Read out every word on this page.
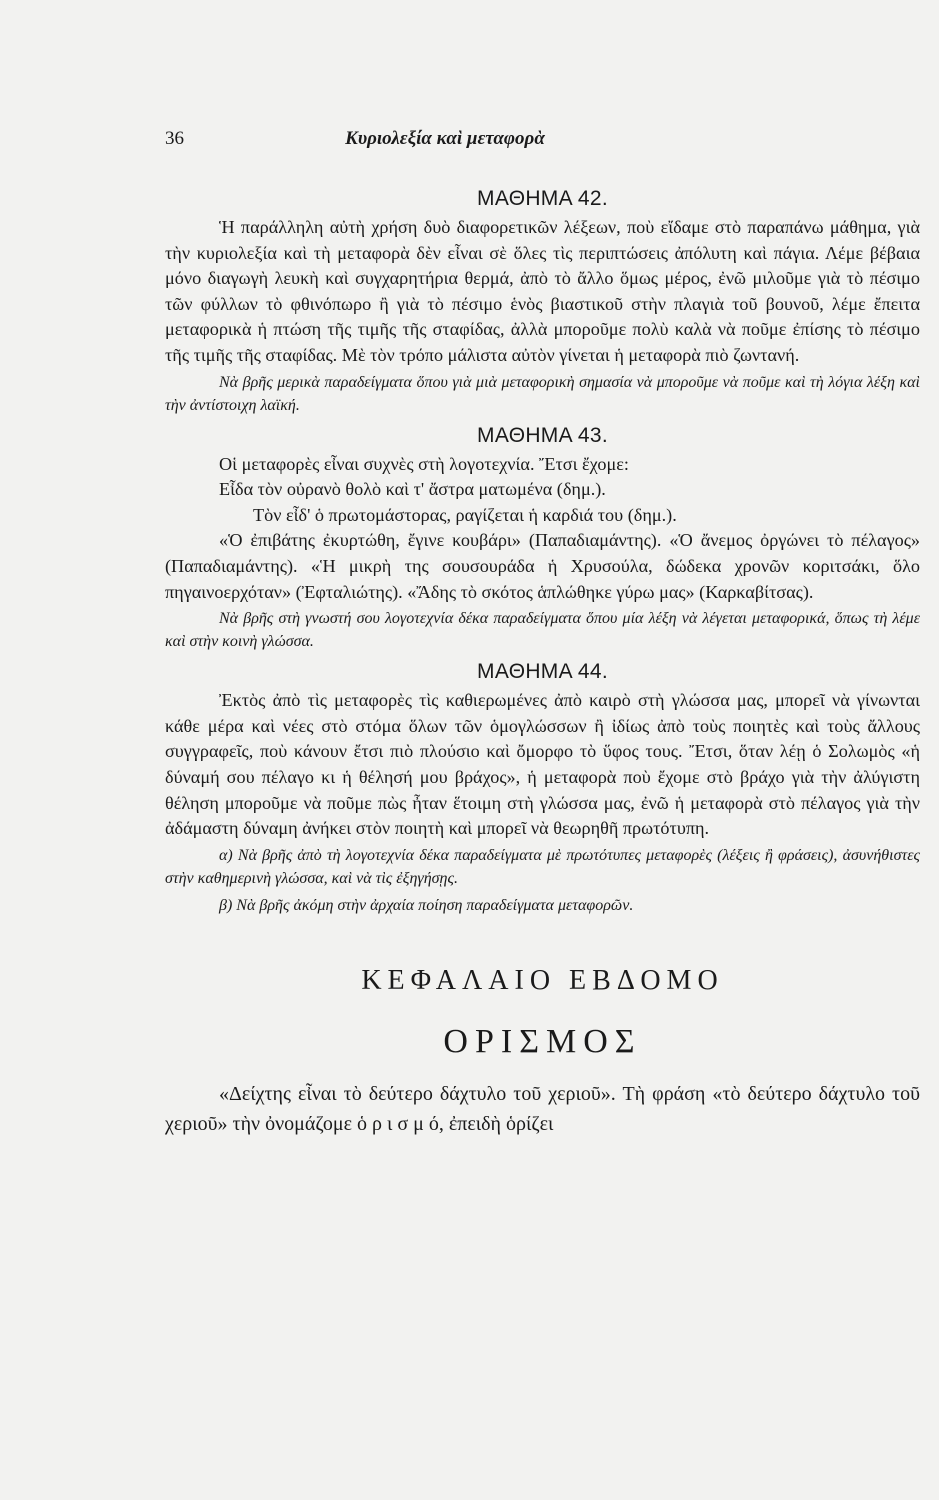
36	Κυριολεξία καὶ μεταφορὰ
ΜΑΘΗΜΑ 42.

Ἡ παράλληλη αὐτὴ χρήση δυὸ διαφορετικῶν λέξεων, ποὺ εἴδαμε στὸ παραπάνω μάθημα, γιὰ τὴν κυριολεξία καὶ τὴ μεταφορὰ δὲν εἶναι σὲ ὅλες τὶς περιπτώσεις ἀπόλυτη καὶ πάγια. Λέμε βέβαια μόνο διαγωγὴ λευκὴ καὶ συγχαρητήρια θερμά, ἀπὸ τὸ ἄλλο ὅμως μέρος, ἐνῶ μιλοῦμε γιὰ τὸ πέσιμο τῶν φύλλων τὸ φθινόπωρο ἢ γιὰ τὸ πέσιμο ἑνὸς βιαστικοῦ στὴν πλαγιὰ τοῦ βουνοῦ, λέμε ἔπειτα μεταφορικὰ ἡ πτώση τῆς τιμῆς τῆς σταφίδας, ἀλλὰ μποροῦμε πολὺ καλὰ νὰ ποῦμε ἐπίσης τὸ πέσιμο τῆς τιμῆς τῆς σταφίδας. Μὲ τὸν τρόπο μάλιστα αὐτὸν γίνεται ἡ μεταφορὰ πιὸ ζωντανή.

Νὰ βρῆς μερικὰ παραδείγματα ὅπου γιὰ μιὰ μεταφορικὴ σημασία νὰ μποροῦμε νὰ ποῦμε καὶ τὴ λόγια λέξη καὶ τὴν ἀντίστοιχη λαϊκή.

ΜΑΘΗΜΑ 43.

Οἱ μεταφορὲς εἶναι συχνὲς στὴ λογοτεχνία. Ἔτσι ἔχομε:

Εἶδα τὸν οὐρανὸ θολὸ καὶ τ' ἄστρα ματωμένα (δημ.).

Τὸν εἶδ' ὁ πρωτομάστορας, ραγίζεται ἡ καρδιά του (δημ.).

«Ὁ ἐπιβάτης ἐκυρτώθη, ἔγινε κουβάρι» (Παπαδιαμάντης). «Ὁ ἄνεμος ὀργώνει τὸ πέλαγος» (Παπαδιαμάντης). «Ἡ μικρὴ της σουσουράδα ἡ Χρυσούλα, δώδεκα χρονῶν κοριτσάκι, ὅλο πηγαινοερχόταν» (Ἐφταλιώτης). «Ἄδης τὸ σκότος ἁπλώθηκε γύρω μας» (Καρκαβίτσας).

Νὰ βρῆς στὴ γνωστή σου λογοτεχνία δέκα παραδείγματα ὅπου μία λέξη νὰ λέγεται μεταφορικά, ὅπως τὴ λέμε καὶ στὴν κοινὴ γλώσσα.

ΜΑΘΗΜΑ 44.

Ἐκτὸς ἀπὸ τὶς μεταφορὲς τὶς καθιερωμένες ἀπὸ καιρὸ στὴ γλώσσα μας, μπορεῖ νὰ γίνωνται κάθε μέρα καὶ νέες στὸ στόμα ὅλων τῶν ὁμογλώσσων ἢ ἰδίως ἀπὸ τοὺς ποιητὲς καὶ τοὺς ἄλλους συγγραφεῖς, ποὺ κάνουν ἔτσι πιὸ πλούσιο καὶ ὄμορφο τὸ ὕφος τους. Ἔτσι, ὅταν λέῃ ὁ Σολωμὸς «ἡ δύναμή σου πέλαγο κι ἡ θέλησή μου βράχος», ἡ μεταφορὰ ποὺ ἔχομε στὸ βράχο γιὰ τὴν ἀλύγιστη θέληση μποροῦμε νὰ ποῦμε πὼς ἦταν ἕτοιμη στὴ γλώσσα μας, ἐνῶ ἡ μεταφορὰ στὸ πέλαγος γιὰ τὴν ἀδάμαστη δύναμη ἀνήκει στὸν ποιητὴ καὶ μπορεῖ νὰ θεωρηθῆ πρωτότυπη.

α) Νὰ βρῆς ἀπὸ τὴ λογοτεχνία δέκα παραδείγματα μὲ πρωτότυπες μεταφορὲς (λέξεις ἢ φράσεις), ἀσυνήθιστες στὴν καθημερινὴ γλώσσα, καὶ νὰ τὶς ἐξηγήσῃς.

β) Νὰ βρῆς ἀκόμη στὴν ἀρχαία ποίηση παραδείγματα μεταφορῶν.

ΚΕΦΑΛΑΙΟ ΕΒΔΟΜΟ
ΟΡΙΣΜΟΣ

«Δείχτης εἶναι τὸ δεύτερο δάχτυλο τοῦ χεριοῦ». Τὴ φράση «τὸ δεύτερο δάχτυλο τοῦ χεριοῦ» τὴν ὀνομάζομε ὁ ρ ι σ μ ό, ἐπειδὴ ὁρίζει
